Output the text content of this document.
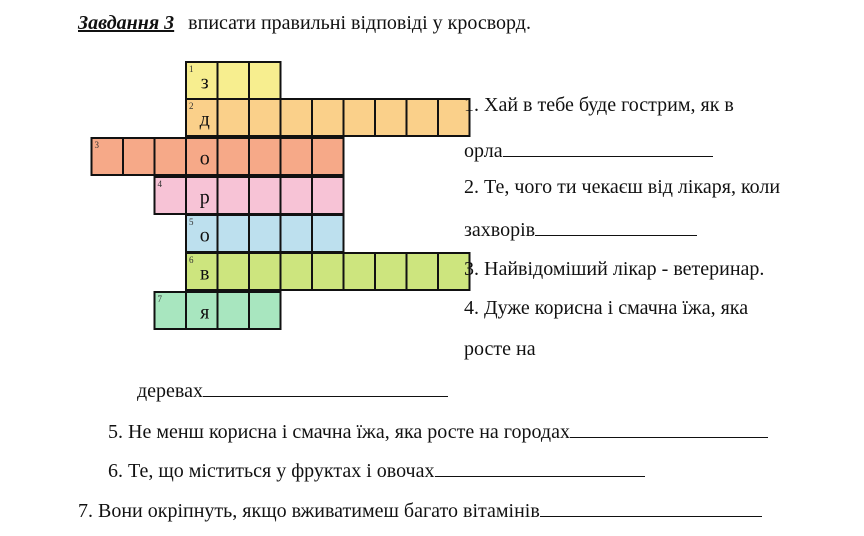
Завдання 3 вписати правильні відповіді у кросворд.
1
з
2
д
3
о
4
р
5
о
6
в
7
я
1. Хай в тебе буде гострим, як в
орла
2. Те, чого ти чекаєш від лікаря, коли
захворів
3. Найвідоміший лікар - ветеринар.
4. Дуже корисна і смачна їжа, яка
росте на
деревах
5. Не менш корисна і смачна їжа, яка росте на городах
6. Те, що міститься у фруктах і овочах
7. Вони окріпнуть, якщо вживатимеш багато вітамінів
